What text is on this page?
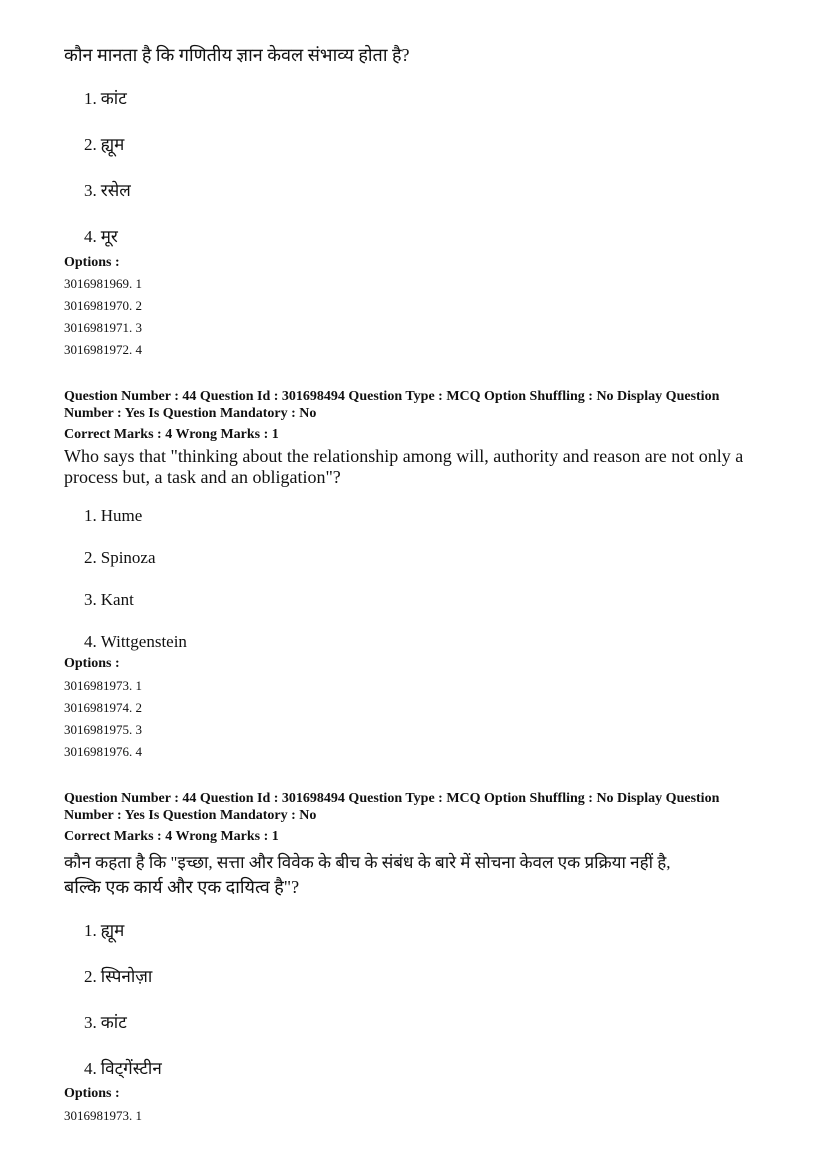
कौन मानता है कि गणितीय ज्ञान केवल संभाव्य होता है?

1. कांट
2. ह्यूम
3. रसेल
4. मूर
Options :
3016981969. 1
3016981970. 2
3016981971. 3
3016981972. 4
Question Number : 44 Question Id : 301698494 Question Type : MCQ Option Shuffling : No Display Question
Number : Yes Is Question Mandatory : No
Correct Marks : 4 Wrong Marks : 1
Who says that "thinking about the relationship among will, authority and reason are not only a
process but, a task and an obligation"?
1. Hume
2. Spinoza
3. Kant
4. Wittgenstein
Options :
3016981973. 1
3016981974. 2
3016981975. 3
3016981976. 4
Question Number : 44 Question Id : 301698494 Question Type : MCQ Option Shuffling : No Display Question
Number : Yes Is Question Mandatory : No
Correct Marks : 4 Wrong Marks : 1
कौन कहता है कि "इच्छा, सत्ता और विवेक के बीच के संबंध के बारे में सोचना केवल एक प्रक्रिया नहीं है,
बल्कि एक कार्य और एक दायित्व है"?
1. ह्यूम
2. स्पिनोज़ा
3. कांट
4. विट्गेंस्टीन
Options :
3016981973. 1
